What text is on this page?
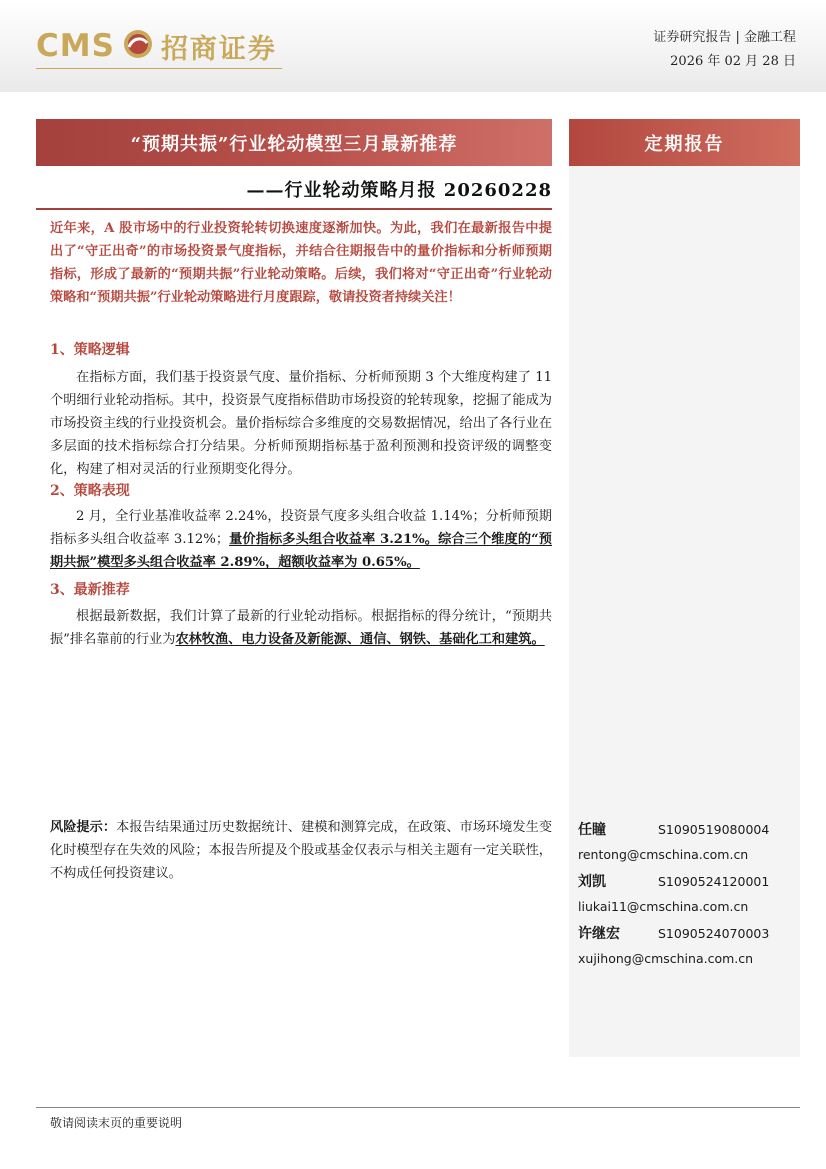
CMS 招商证券	证券研究报告 | 金融工程
2026 年 02 月 28 日
“预期共振”行业轮动模型三月最新推荐
——行业轮动策略月报 20260228
定期报告
近年来，A 股市场中的行业投资轮转切换速度逐渐加快。为此，我们在最新报告中提出了“守正出奇”的市场投资景气度指标，并结合往期报告中的量价指标和分析师预期指标，形成了最新的“预期共振”行业轮动策略。后续，我们将对“守正出奇”行业轮动策略和“预期共振”行业轮动策略进行月度跟踪，敬请投资者持续关注！
1、策略逻辑
在指标方面，我们基于投资景气度、量价指标、分析师预期 3 个大维度构建了 11 个明细行业轮动指标。其中，投资景气度指标借助市场投资的轮转现象，挖掘了能成为市场投资主线的行业投资机会。量价指标综合多维度的交易数据情况，给出了各行业在多层面的技术指标综合打分结果。分析师预期指标基于盈利预测和投资评级的调整变化，构建了相对灵活的行业预期变化得分。
2、策略表现
2 月，全行业基准收益率 2.24%，投资景气度多头组合收益 1.14%；分析师预期指标多头组合收益率 3.12%；量价指标多头组合收益率 3.21%。综合三个维度的“预期共振”模型多头组合收益率 2.89%，超额收益率为 0.65%。
3、最新推荐
根据最新数据，我们计算了最新的行业轮动指标。根据指标的得分统计，“预期共振”排名靠前的行业为农林牧渔、电力设备及新能源、通信、钢铁、基础化工和建筑。
风险提示：本报告结果通过历史数据统计、建模和测算完成，在政策、市场环境发生变化时模型存在失效的风险；本报告所提及个股或基金仅表示与相关主题有一定关联性，不构成任何投资建议。
任瞳	S1090519080004
rentong@cmschina.com.cn
刘凯	S1090524120001
liukai11@cmschina.com.cn
许继宏	S1090524070003
xujihong@cmschina.com.cn
敬请阅读末页的重要说明
